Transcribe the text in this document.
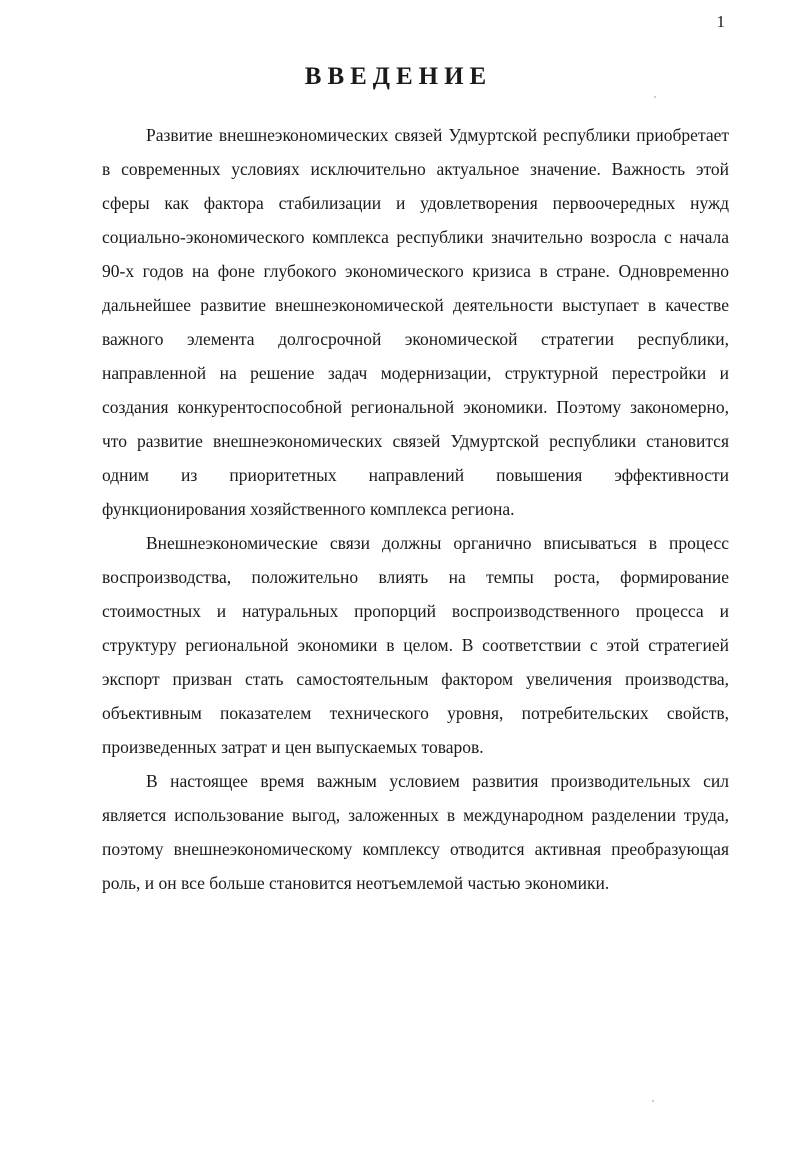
1
ВВЕДЕНИЕ

Развитие внешнеэкономических связей Удмуртской республики приобретает в современных условиях исключительно актуальное значение. Важность этой сферы как фактора стабилизации и удовлетворения первоочередных нужд социально-экономического комплекса республики значительно возросла с начала 90-х годов на фоне глубокого экономического кризиса в стране. Одновременно дальнейшее развитие внешнеэкономической деятельности выступает в качестве важного элемента долгосрочной экономической стратегии республики, направленной на решение задач модернизации, структурной перестройки и создания конкурентоспособной региональной экономики. Поэтому закономерно, что развитие внешнеэкономических связей Удмуртской республики становится одним из приоритетных направлений повышения эффективности функционирования хозяйственного комплекса региона.

Внешнеэкономические связи должны органично вписываться в процесс воспроизводства, положительно влиять на темпы роста, формирование стоимостных и натуральных пропорций воспроизводственного процесса и структуру региональной экономики в целом. В соответствии с этой стратегией экспорт призван стать самостоятельным фактором увеличения производства, объективным показателем технического уровня, потребительских свойств, произведенных затрат и цен выпускаемых товаров.

В настоящее время важным условием развития производительных сил является использование выгод, заложенных в международном разделении труда, поэтому внешнеэкономическому комплексу отводится активная преобразующая роль, и он все больше становится неотъемлемой частью экономики.
